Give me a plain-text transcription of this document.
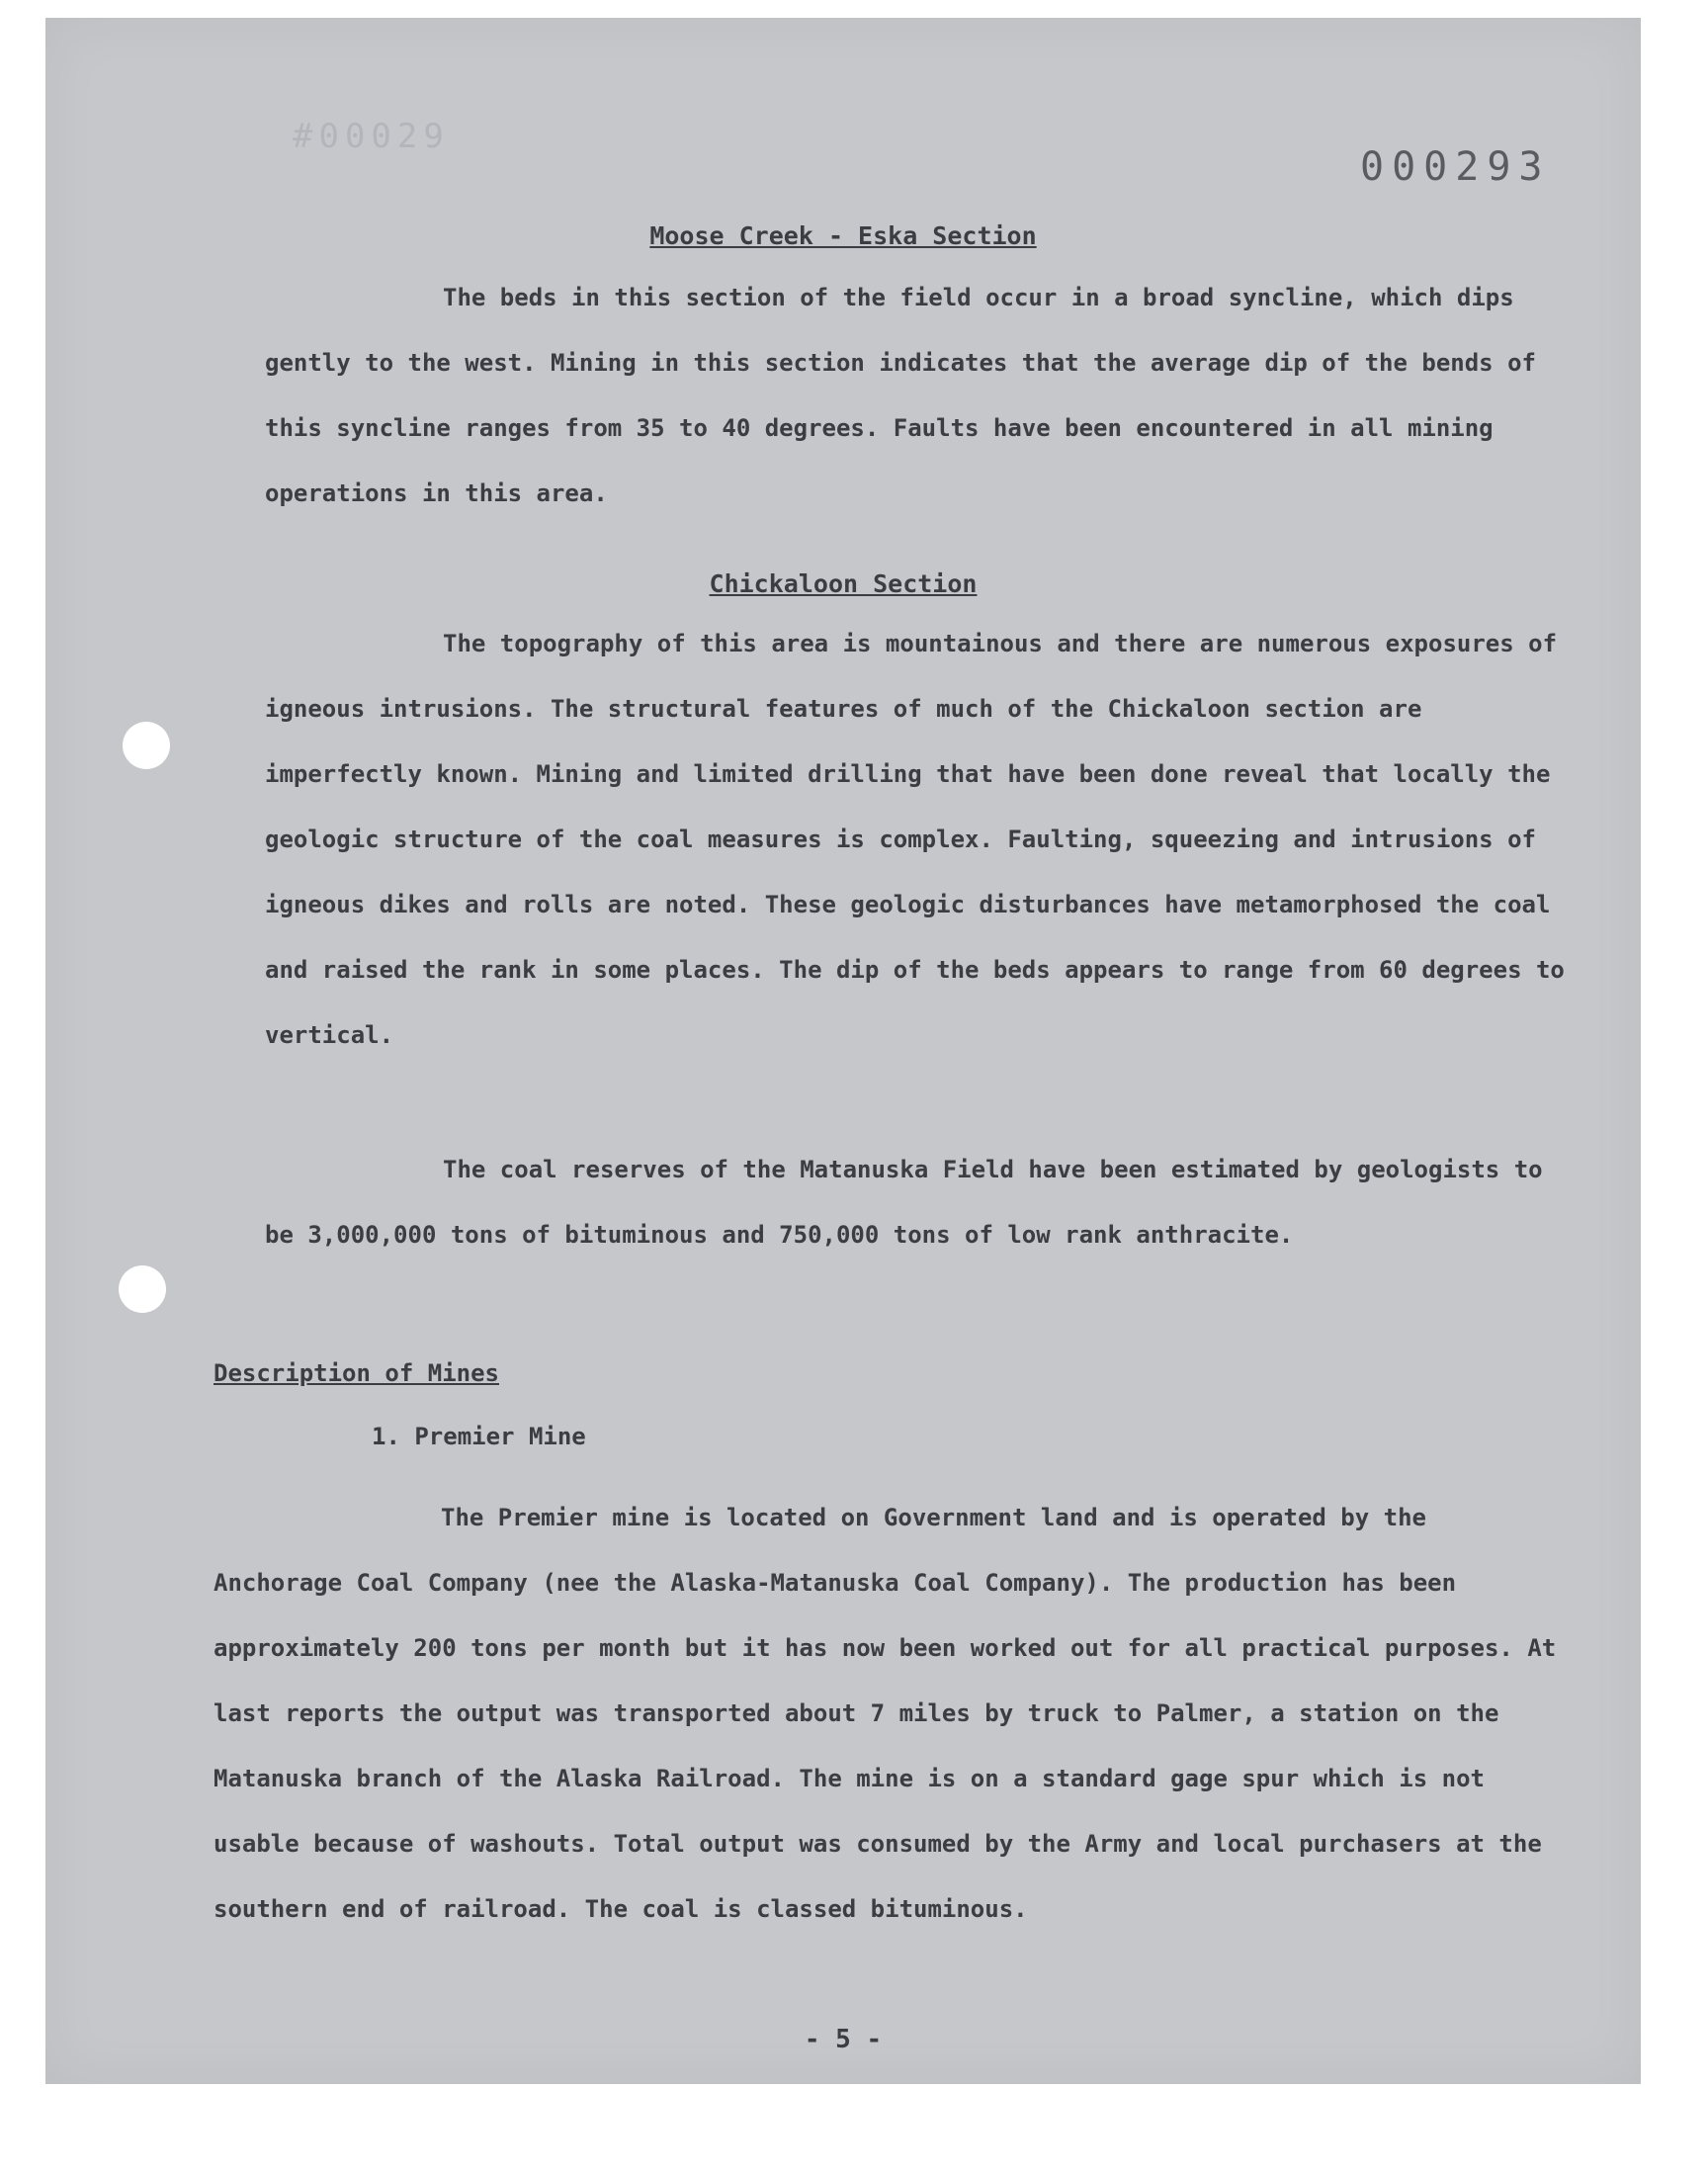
#00029
000293
Moose Creek - Eska Section
The beds in this section of the field occur in a broad syncline, which dips gently to the west. Mining in this section indicates that the average dip of the bends of this syncline ranges from 35 to 40 degrees. Faults have been encountered in all mining operations in this area.
Chickaloon Section
The topography of this area is mountainous and there are numerous exposures of igneous intrusions. The structural features of much of the Chickaloon section are imperfectly known. Mining and limited drilling that have been done reveal that locally the geologic structure of the coal measures is complex. Faulting, squeezing and intrusions of igneous dikes and rolls are noted. These geologic disturbances have metamorphosed the coal and raised the rank in some places. The dip of the beds appears to range from 60 degrees to vertical.
The coal reserves of the Matanuska Field have been estimated by geologists to be 3,000,000 tons of bituminous and 750,000 tons of low rank anthracite.
Description of Mines
1. Premier Mine
The Premier mine is located on Government land and is operated by the Anchorage Coal Company (nee the Alaska-Matanuska Coal Company). The production has been approximately 200 tons per month but it has now been worked out for all practical purposes. At last reports the output was transported about 7 miles by truck to Palmer, a station on the Matanuska branch of the Alaska Railroad. The mine is on a standard gage spur which is not usable because of washouts. Total output was consumed by the Army and local purchasers at the southern end of railroad. The coal is classed bituminous.
- 5 -
